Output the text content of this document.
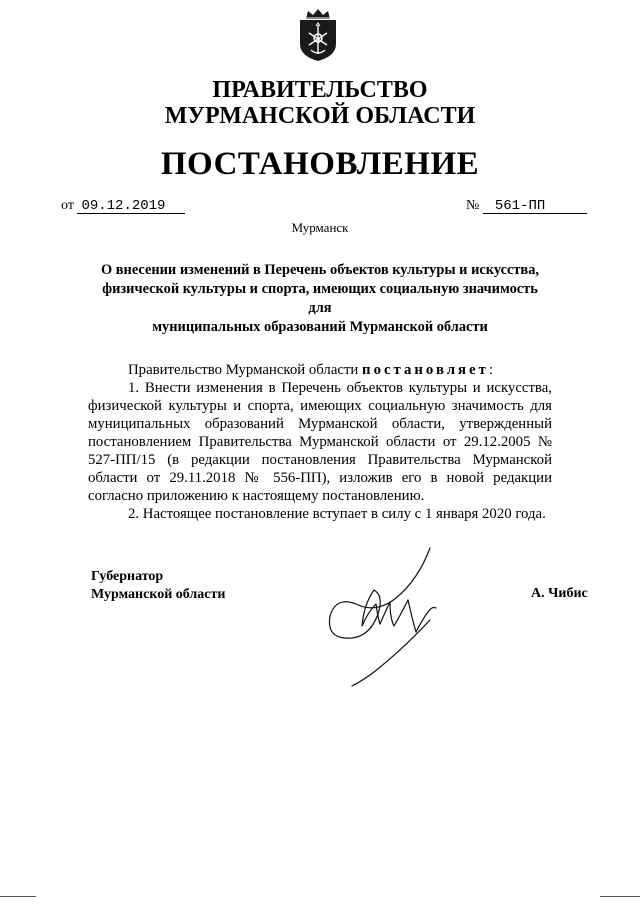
ПРАВИТЕЛЬСТВО
МУРМАНСКОЙ ОБЛАСТИ
ПОСТАНОВЛЕНИЕ
от 09.12.2019	№ 561-ПП
Мурманск
О внесении изменений в Перечень объектов культуры и искусства,
физической культуры и спорта, имеющих социальную значимость для
муниципальных образований Мурманской области

Правительство Мурманской области постановляет:

1. Внести изменения в Перечень объектов культуры и искусства, физической культуры и спорта, имеющих социальную значимость для муниципальных образований Мурманской области, утвержденный постановлением Правительства Мурманской области от 29.12.2005 № 527-ПП/15 (в редакции постановления Правительства Мурманской области от 29.11.2018 № 556-ПП), изложив его в новой редакции согласно приложению к настоящему постановлению.

2. Настоящее постановление вступает в силу с 1 января 2020 года.

Губернатор
Мурманской области	А. Чибис
